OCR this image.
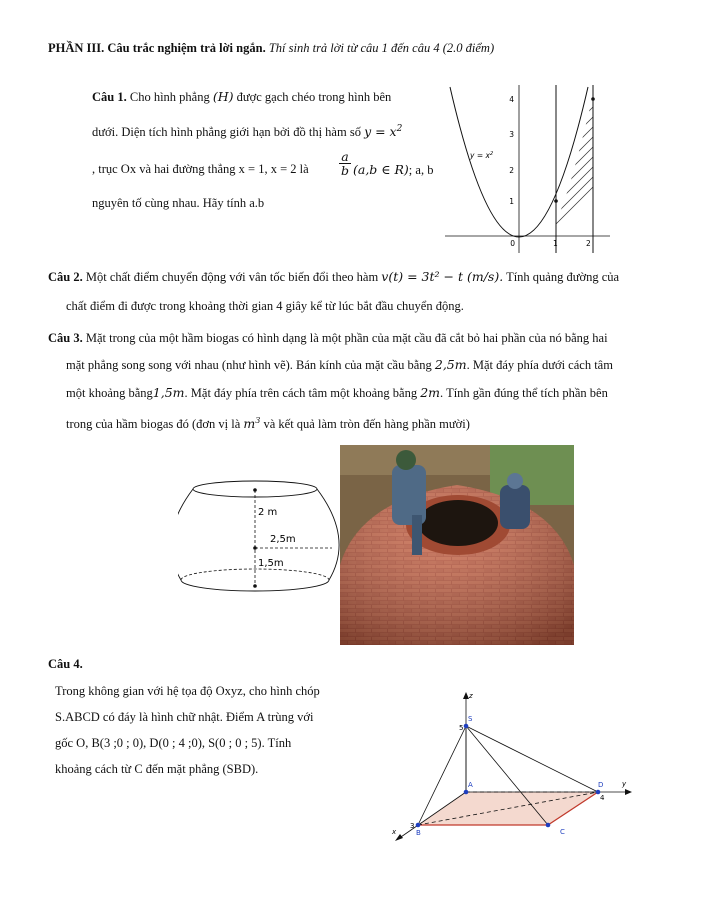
PHẦN III. Câu trắc nghiệm trả lời ngắn. Thí sinh trả lời từ câu 1 đến câu 4 (2.0 điểm)
Câu 1. Cho hình phẳng (H) được gạch chéo trong hình bên
dưới. Diện tích hình phẳng giới hạn bởi đồ thị hàm số $y = x^2$
, trục Ox và hai đường thẳng x = 1, x = 2 là
a
b (a,b ∈ R); a, b
nguyên tố cùng nhau. Hãy tính a.b
4
3
2
1
0	1	2
$y = x^2$
Câu 2. Một chất điểm chuyển động với vân tốc biến đổi theo hàm v(t) = 3t² − t (m/s). Tính quảng đường của
chất điểm đi được trong khoảng thời gian 4 giây kể từ lúc bắt đầu chuyển động.
Câu 3. Mặt trong của một hầm biogas có hình dạng là một phần của mặt cầu đã cắt bỏ hai phần của nó bằng hai
mặt phẳng song song với nhau (như hình vẽ). Bán kính của mặt cầu bằng 2,5m. Mặt đáy phía dưới cách tâm
một khoảng bằng1,5m. Mặt đáy phía trên cách tâm một khoảng bằng 2m. Tính gần đúng thể tích phần bên
trong của hầm biogas đó (đơn vị là $m^3$ và kết quả làm tròn đến hàng phần mười)
2 m
2,5m
1,5m
Câu 4.
Trong không gian với hệ tọa độ Oxyz, cho hình chóp
S.ABCD có đáy là hình chữ nhật. Điểm A trùng với
gốc O, B(3 ;0 ; 0), D(0 ; 4 ;0), S(0 ; 0 ; 5). Tính
khoảng cách từ C đến mặt phẳng (SBD).
z
y
x
S
A
B	C
D
5
4
3
